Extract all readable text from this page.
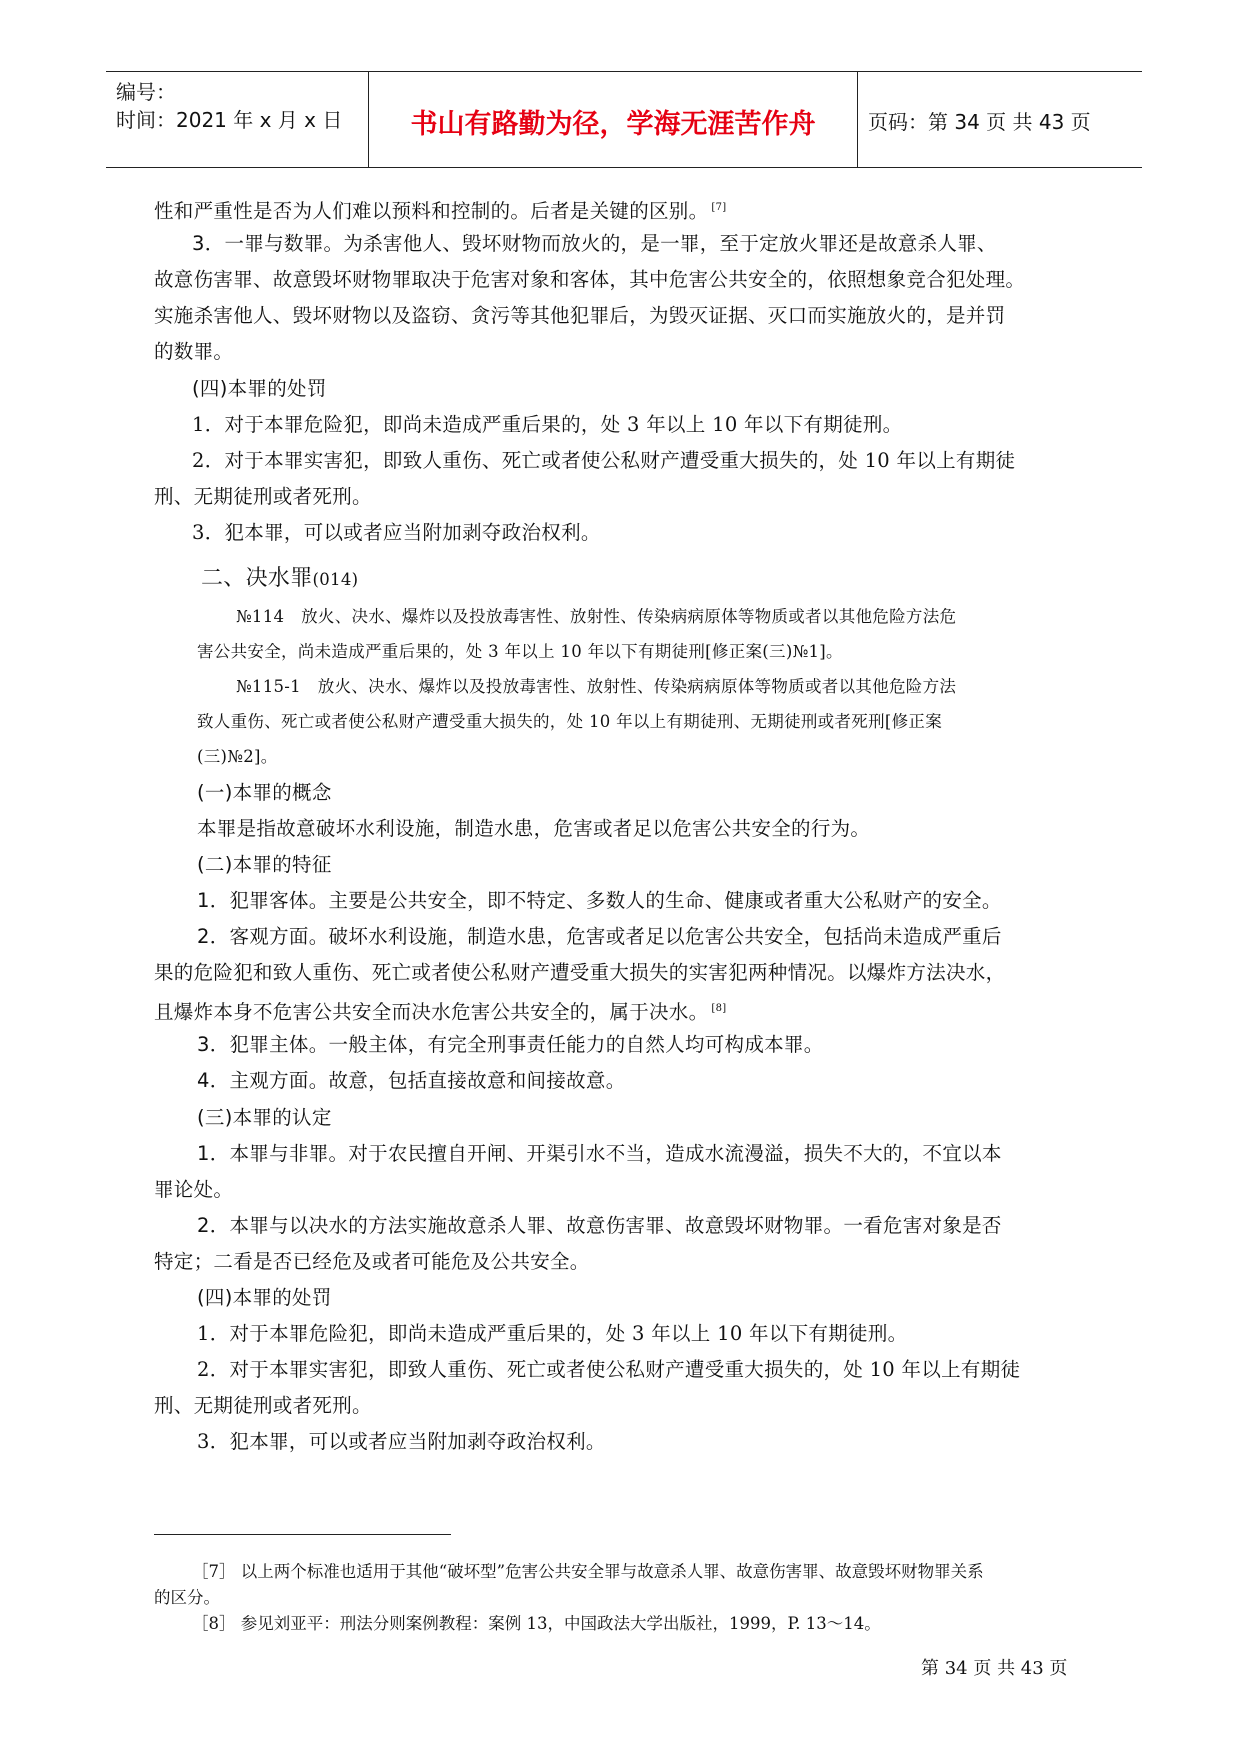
编号：
时间：2021 年 x 月 x 日	书山有路勤为径，学海无涯苦作舟	页码：第 34 页 共 43 页
性和严重性是否为人们难以预料和控制的。后者是关键的区别。 [7]
3．一罪与数罪。为杀害他人、毁坏财物而放火的，是一罪，至于定放火罪还是故意杀人罪、
故意伤害罪、故意毁坏财物罪取决于危害对象和客体，其中危害公共安全的，依照想象竞合犯处理。
实施杀害他人、毁坏财物以及盗窃、贪污等其他犯罪后，为毁灭证据、灭口而实施放火的，是并罚
的数罪。
(四)本罪的处罚
1．对于本罪危险犯，即尚未造成严重后果的，处 3 年以上 10 年以下有期徒刑。
2．对于本罪实害犯，即致人重伤、死亡或者使公私财产遭受重大损失的，处 10 年以上有期徒
刑、无期徒刑或者死刑。
3．犯本罪，可以或者应当附加剥夺政治权利。
二、决水罪(014)
№114　放火、决水、爆炸以及投放毒害性、放射性、传染病病原体等物质或者以其他危险方法危
害公共安全，尚未造成严重后果的，处 3 年以上 10 年以下有期徒刑[修正案(三)№1]。
№115-1　放火、决水、爆炸以及投放毒害性、放射性、传染病病原体等物质或者以其他危险方法
致人重伤、死亡或者使公私财产遭受重大损失的，处 10 年以上有期徒刑、无期徒刑或者死刑[修正案
(三)№2]。
(一)本罪的概念
本罪是指故意破坏水利设施，制造水患，危害或者足以危害公共安全的行为。
(二)本罪的特征
1．犯罪客体。主要是公共安全，即不特定、多数人的生命、健康或者重大公私财产的安全。
2．客观方面。破坏水利设施，制造水患，危害或者足以危害公共安全，包括尚未造成严重后
果的危险犯和致人重伤、死亡或者使公私财产遭受重大损失的实害犯两种情况。以爆炸方法决水，
且爆炸本身不危害公共安全而决水危害公共安全的，属于决水。 [8]
3．犯罪主体。一般主体，有完全刑事责任能力的自然人均可构成本罪。
4．主观方面。故意，包括直接故意和间接故意。
(三)本罪的认定
1．本罪与非罪。对于农民擅自开闸、开渠引水不当，造成水流漫溢，损失不大的，不宜以本
罪论处。
2．本罪与以决水的方法实施故意杀人罪、故意伤害罪、故意毁坏财物罪。一看危害对象是否
特定；二看是否已经危及或者可能危及公共安全。
(四)本罪的处罚
1．对于本罪危险犯，即尚未造成严重后果的，处 3 年以上 10 年以下有期徒刑。
2．对于本罪实害犯，即致人重伤、死亡或者使公私财产遭受重大损失的，处 10 年以上有期徒
刑、无期徒刑或者死刑。
3．犯本罪，可以或者应当附加剥夺政治权利。
［7］ 以上两个标准也适用于其他“破坏型”危害公共安全罪与故意杀人罪、故意伤害罪、故意毁坏财物罪关系
的区分。
［8］ 参见刘亚平：刑法分则案例教程：案例 13，中国政法大学出版社，1999，P. 13～14。
第 34 页 共 43 页
